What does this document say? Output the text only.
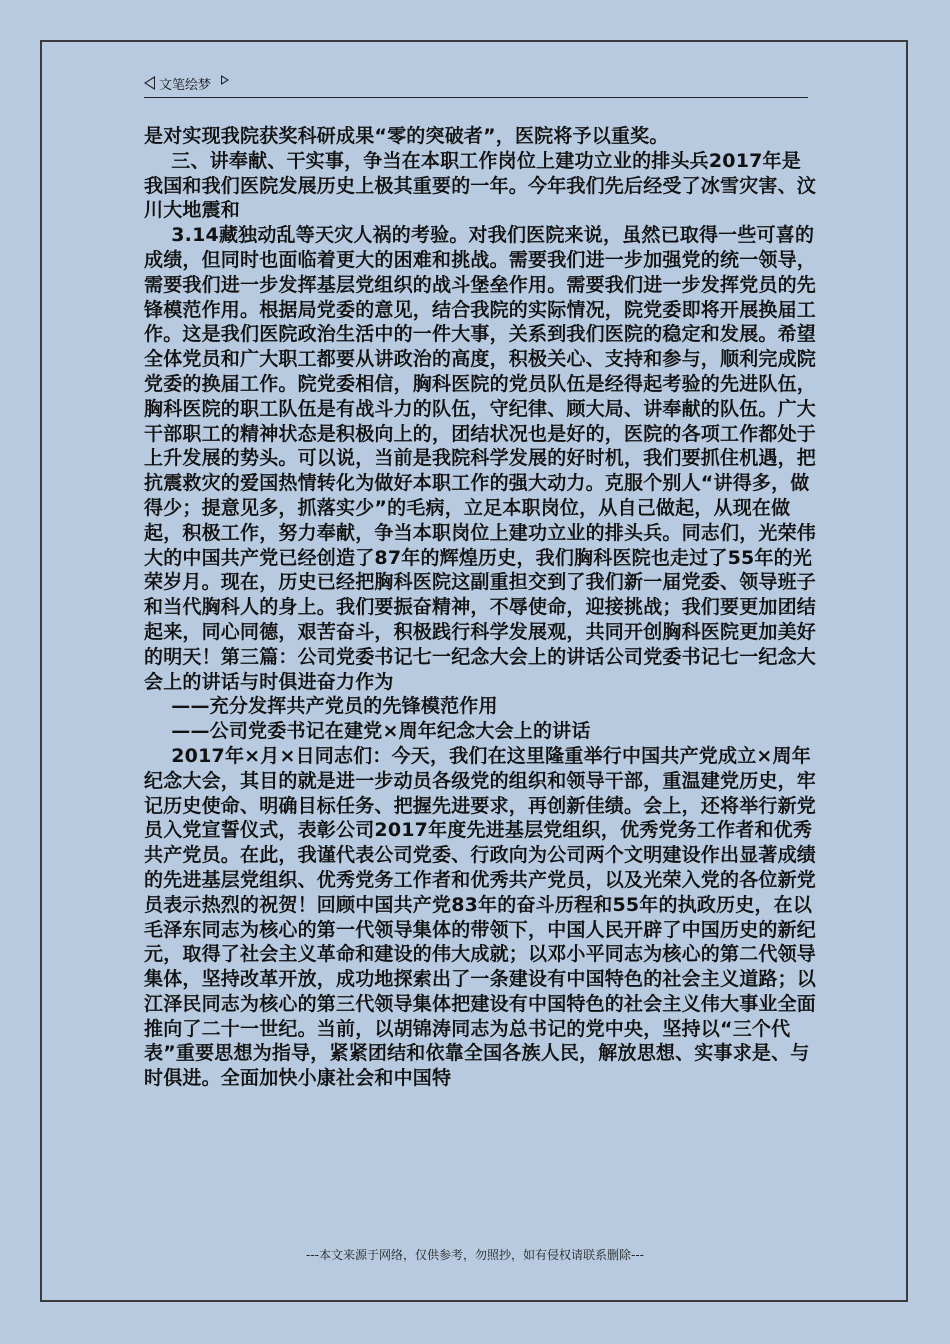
文笔绘梦

是对实现我院获奖科研成果“零的突破者”，医院将予以重奖。

三、讲奉献、干实事，争当在本职工作岗位上建功立业的排头兵2017年是我国和我们医院发展历史上极其重要的一年。今年我们先后经受了冰雪灾害、汶川大地震和

3.14藏独动乱等天灾人祸的考验。对我们医院来说，虽然已取得一些可喜的成绩，但同时也面临着更大的困难和挑战。需要我们进一步加强党的统一领导，需要我们进一步发挥基层党组织的战斗堡垒作用。需要我们进一步发挥党员的先锋模范作用。根据局党委的意见，结合我院的实际情况，院党委即将开展换届工作。这是我们医院政治生活中的一件大事，关系到我们医院的稳定和发展。希望全体党员和广大职工都要从讲政治的高度，积极关心、支持和参与，顺利完成院党委的换届工作。院党委相信，胸科医院的党员队伍是经得起考验的先进队伍，胸科医院的职工队伍是有战斗力的队伍，守纪律、顾大局、讲奉献的队伍。广大干部职工的精神状态是积极向上的，团结状况也是好的，医院的各项工作都处于上升发展的势头。可以说，当前是我院科学发展的好时机，我们要抓住机遇，把抗震救灾的爱国热情转化为做好本职工作的强大动力。克服个别人“讲得多，做得少；提意见多，抓落实少”的毛病，立足本职岗位，从自己做起，从现在做起，积极工作，努力奉献，争当本职岗位上建功立业的排头兵。同志们，光荣伟大的中国共产党已经创造了87年的辉煌历史，我们胸科医院也走过了55年的光荣岁月。现在，历史已经把胸科医院这副重担交到了我们新一届党委、领导班子和当代胸科人的身上。我们要振奋精神，不辱使命，迎接挑战；我们要更加团结起来，同心同德，艰苦奋斗，积极践行科学发展观，共同开创胸科医院更加美好的明天！第三篇：公司党委书记七一纪念大会上的讲话公司党委书记七一纪念大会上的讲话与时俱进奋力作为

——充分发挥共产党员的先锋模范作用

——公司党委书记在建党×周年纪念大会上的讲话

2017年×月×日同志们：今天，我们在这里隆重举行中国共产党成立×周年纪念大会，其目的就是进一步动员各级党的组织和领导干部，重温建党历史，牢记历史使命、明确目标任务、把握先进要求，再创新佳绩。会上，还将举行新党员入党宣誓仪式，表彰公司2017年度先进基层党组织，优秀党务工作者和优秀共产党员。在此，我谨代表公司党委、行政向为公司两个文明建设作出显著成绩的先进基层党组织、优秀党务工作者和优秀共产党员，以及光荣入党的各位新党员表示热烈的祝贺！回顾中国共产党83年的奋斗历程和55年的执政历史，在以毛泽东同志为核心的第一代领导集体的带领下，中国人民开辟了中国历史的新纪元，取得了社会主义革命和建设的伟大成就；以邓小平同志为核心的第二代领导集体，坚持改革开放，成功地探索出了一条建设有中国特色的社会主义道路；以江泽民同志为核心的第三代领导集体把建设有中国特色的社会主义伟大事业全面推向了二十一世纪。当前，以胡锦涛同志为总书记的党中央，坚持以“三个代表”重要思想为指导，紧紧团结和依靠全国各族人民，解放思想、实事求是、与时俱进。全面加快小康社会和中国特

---本文来源于网络，仅供参考，勿照抄，如有侵权请联系删除---
